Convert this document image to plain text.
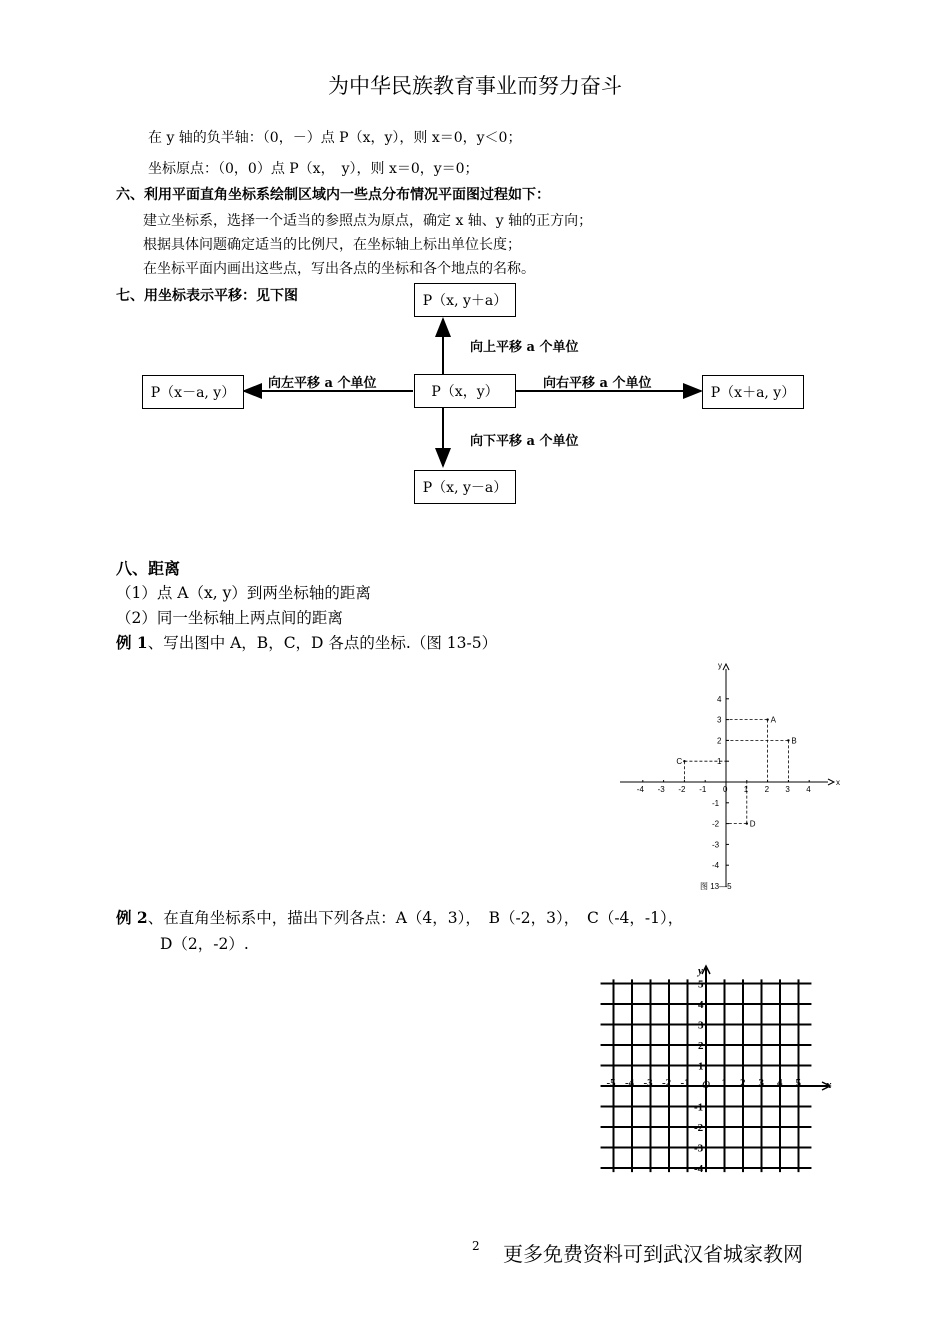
为中华民族教育事业而努力奋斗
在 y 轴的负半轴：（0，－）点 P（x，y），则 x＝0，y＜0；
坐标原点：（0，0）点 P（x，　y），则 x＝0，y＝0；
六、利用平面直角坐标系绘制区域内一些点分布情况平面图过程如下：
建立坐标系，选择一个适当的参照点为原点，确定 x 轴、y 轴的正方向；
根据具体问题确定适当的比例尺，在坐标轴上标出单位长度；
在坐标平面内画出这些点，写出各点的坐标和各个地点的名称。
七、用坐标表示平移：见下图	P（x, y＋a）
P（x，y）
P（x, y－a）
P（x－a, y）	P（x＋a, y）
向上平移 a 个单位
向下平移 a 个单位
向左平移 a 个单位	向右平移 a 个单位
八、距离
（1）点 A（x, y）到两坐标轴的距离
（2）同一坐标轴上两点间的距离
例 1、写出图中 A，B，C，D 各点的坐标.（图 13-5）
x
y
-4 -3 -2 -1 0 1 2 3 4
4
3
2
1
-1
-2
-3
-4
A
B
C
D
图 13—5
例 2、在直角坐标系中，描出下列各点：A（4，3），　B（-2，3），　C（-4，-1），
D（2，-2）.
x
y
O
-5 -4 -3 -2 -1	1 2 3 4 5
5
4
3
2
1
-1
-2
-3
-4
2 更多免费资料可到武汉省城家教网
